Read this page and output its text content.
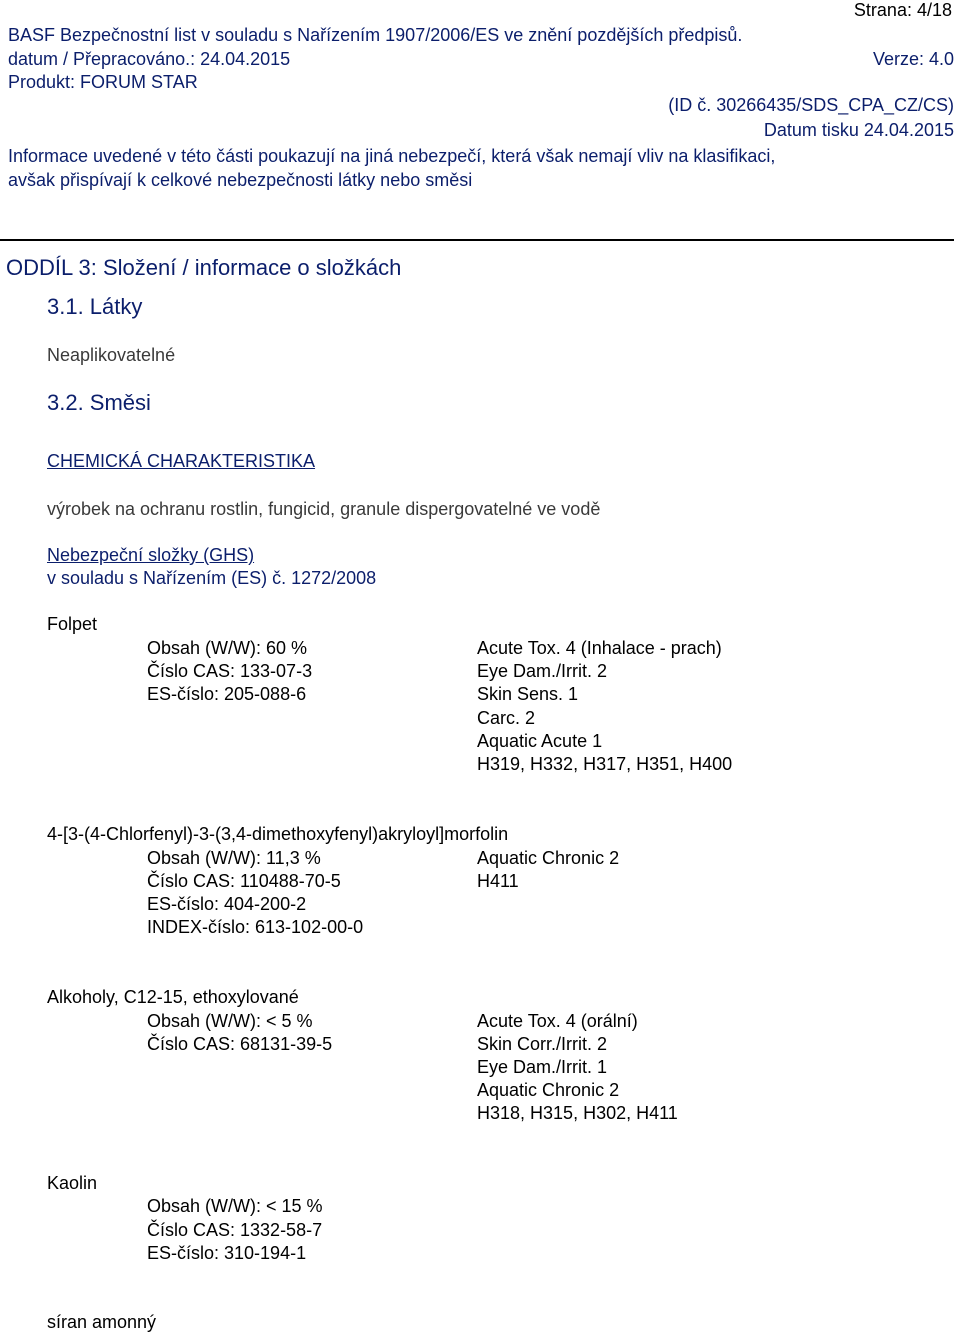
Strana: 4/18
BASF Bezpečnostní list v souladu s Nařízením 1907/2006/ES ve znění pozdějších předpisů.
datum / Přepracováno.: 24.04.2015	Verze: 4.0
Produkt: FORUM STAR
(ID č. 30266435/SDS_CPA_CZ/CS)
Datum tisku 24.04.2015
Informace uvedené v této části poukazují na jiná nebezpečí, která však nemají vliv na klasifikaci,
avšak přispívají k celkové nebezpečnosti látky nebo směsi
ODDÍL 3: Složení / informace o složkách
3.1. Látky
Neaplikovatelné
3.2. Směsi
CHEMICKÁ CHARAKTERISTIKA
výrobek na ochranu rostlin, fungicid, granule dispergovatelné ve vodě
Nebezpeční složky (GHS)
v souladu s Nařízením (ES) č. 1272/2008
Folpet
Obsah (W/W): 60 %
Číslo CAS: 133-07-3
ES-číslo: 205-088-6
Acute Tox. 4 (Inhalace - prach)
Eye Dam./Irrit. 2
Skin Sens. 1
Carc. 2
Aquatic Acute 1
H319, H332, H317, H351, H400
4-[3-(4-Chlorfenyl)-3-(3,4-dimethoxyfenyl)akryloyl]morfolin
Obsah (W/W): 11,3 %
Číslo CAS: 110488-70-5
ES-číslo: 404-200-2
INDEX-číslo: 613-102-00-0
Aquatic Chronic 2
H411
Alkoholy, C12-15, ethoxylované
Obsah (W/W): < 5 %
Číslo CAS: 68131-39-5
Acute Tox. 4 (orální)
Skin Corr./Irrit. 2
Eye Dam./Irrit. 1
Aquatic Chronic 2
H318, H315, H302, H411
Kaolin
Obsah (W/W): < 15 %
Číslo CAS: 1332-58-7
ES-číslo: 310-194-1
síran amonný
